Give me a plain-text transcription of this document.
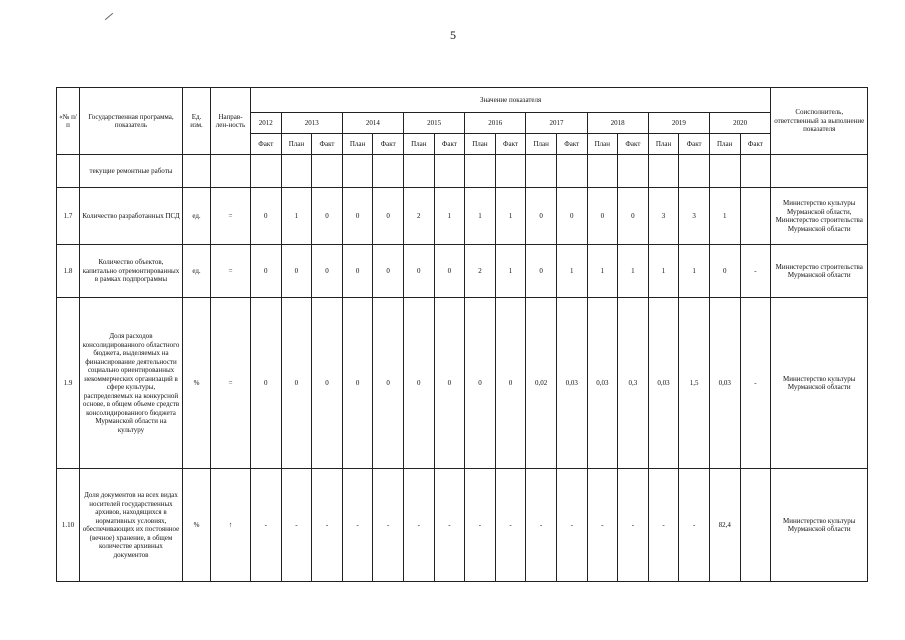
5
«№ п/п	Государственная программа, показатель	Ед. изм.	Направ-лен-ность	Значение показателя																	Соисполнитель, ответственный за выполнение показателя
				2012	2013		2014		2015		2016		2017		2018		2019		2020		
				Факт	План	Факт	План	Факт	План	Факт	План	Факт	План	Факт	План	Факт	План	Факт	План	Факт	
	текущие ремонтные работы																				
1.7	Количество разработанных ПСД	ед.	=	0	1	0	0	0	2	1	1	1	0	0	0	0	3	3	1		Министерство культуры Мурманской области, Министерство строительства Мурманской области
1.8	Количество объектов, капитально отремонтированных в рамках подпрограммы	ед.	=	0	0	0	0	0	0	0	2	1	0	1	1	1	1	1	0	-	Министерство строительства Мурманской области
1.9	Доля расходов консолидированного областного бюджета, выделяемых на финансирование деятельности социально ориентированных некоммерческих организаций в сфере культуры, распределяемых на конкурсной основе, в общем объеме средств консолидированного бюджета Мурманской области на культуру	%	=	0	0	0	0	0	0	0	0	0	0,02	0,03	0,03	0,3	0,03	1,5	0,03	-	Министерство культуры Мурманской области
1.10	Доля документов на всех видах носителей государственных архивов, находящихся в нормативных условиях, обеспечивающих их постоянное (вечное) хранение, в общем количестве архивных документов	%	↑	-	-	-	-	-	-	-	-	-	-	-	-	-	-	-	82,4		Министерство культуры Мурманской области
